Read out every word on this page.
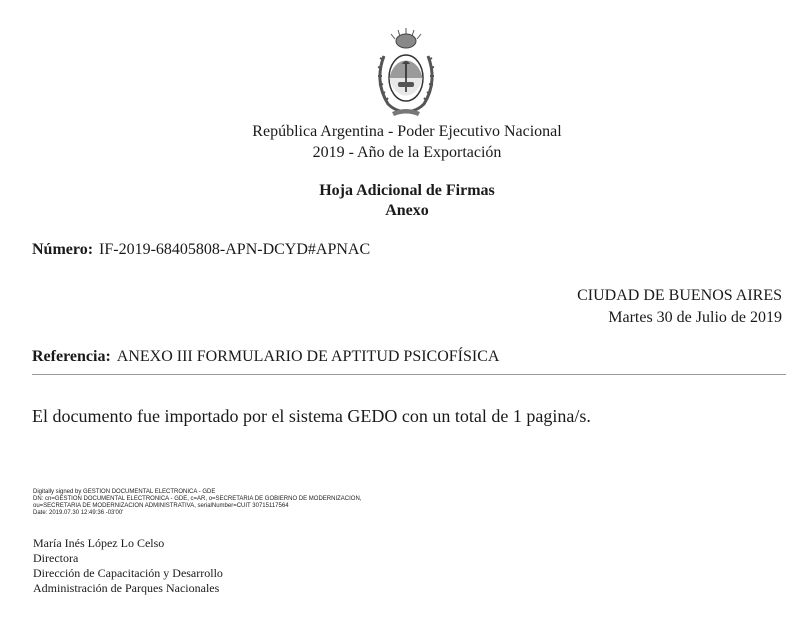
República Argentina - Poder Ejecutivo Nacional
2019 - Año de la Exportación
Hoja Adicional de Firmas
Anexo
Número: IF-2019-68405808-APN-DCYD#APNAC
CIUDAD DE BUENOS AIRES
Martes 30 de Julio de 2019
Referencia: ANEXO III FORMULARIO DE APTITUD PSICOFÍSICA
El documento fue importado por el sistema GEDO con un total de 1 pagina/s.
Digitally signed by GESTION DOCUMENTAL ELECTRONICA - GDE
DN: cn=GESTION DOCUMENTAL ELECTRONICA - GDE, c=AR, o=SECRETARIA DE GOBIERNO DE MODERNIZACION,
ou=SECRETARIA DE MODERNIZACION ADMINISTRATIVA, serialNumber=CUIT 30715117564
Date: 2019.07.30 12:49:36 -03'00'
María Inés López Lo Celso
Directora
Dirección de Capacitación y Desarrollo
Administración de Parques Nacionales
